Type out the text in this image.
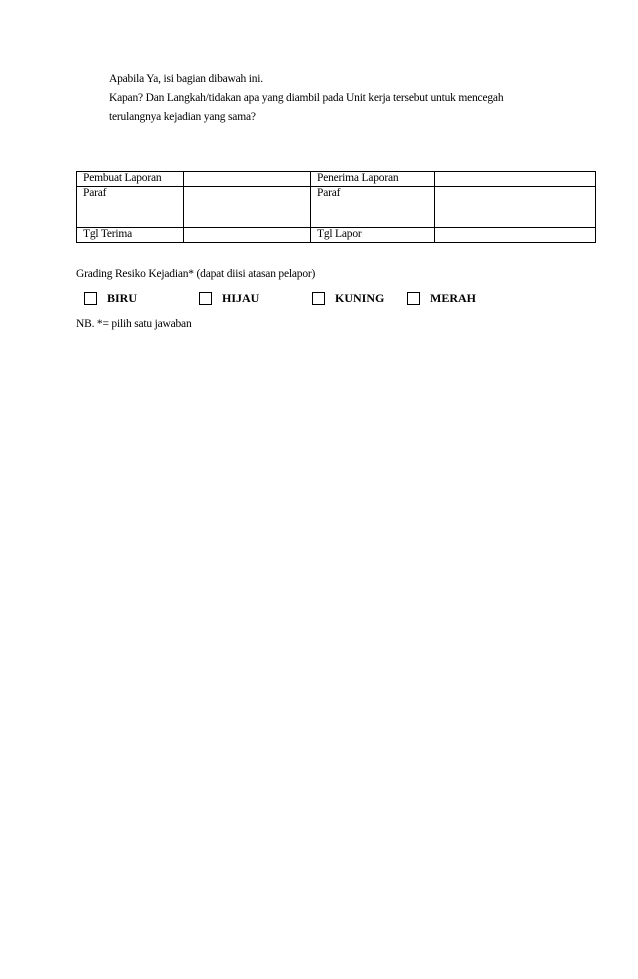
Apabila Ya, isi bagian dibawah ini.
Kapan? Dan Langkah/tidakan apa yang diambil pada Unit kerja tersebut untuk mencegah
terulangnya kejadian yang sama?
Pembuat Laporan		Penerima Laporan	
Paraf		Paraf	
Tgl Terima		Tgl Lapor	
Grading Resiko Kejadian* (dapat diisi atasan pelapor)
BIRU	HIJAU	KUNING	MERAH
NB. *= pilih satu jawaban
